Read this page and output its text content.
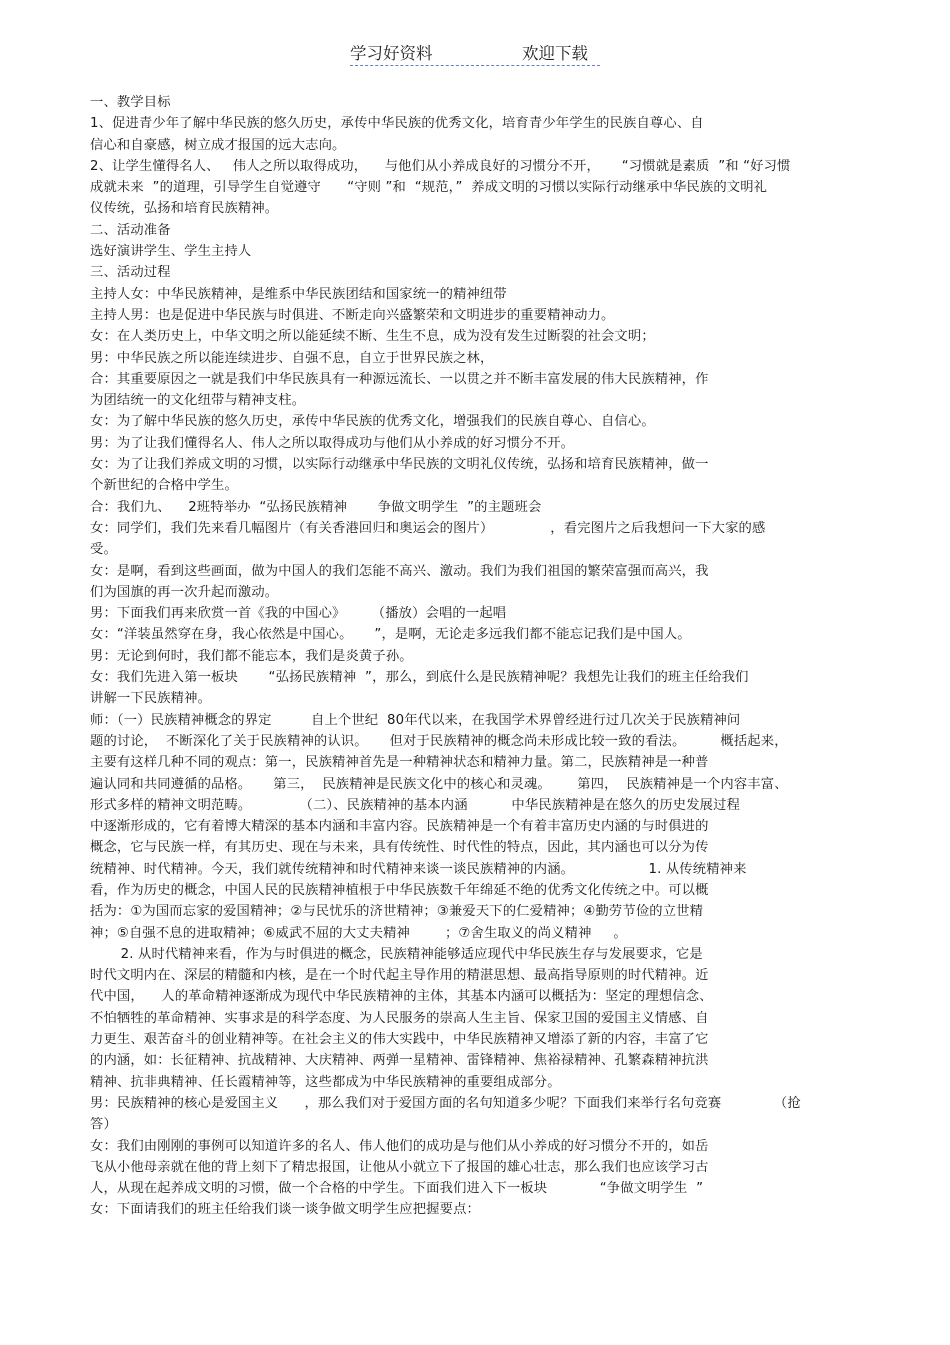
学习好资料	欢迎下载

一、教学目标

1、促进青少年了解中华民族的悠久历史，承传中华民族的优秀文化，培育青少年学生的民族自尊心、自

信心和自豪感，树立成才报国的远大志向。

2、让学生懂得名人、   伟人之所以取得成功，    与他们从小养成良好的习惯分不开，     “习惯就是素质  ”和 “好习惯

成就未来  ”的道理，引导学生自觉遵守      “守则 ”和  “规范，”  养成文明的习惯以实际行动继承中华民族的文明礼

仪传统，弘扬和培育民族精神。

二、活动准备

选好演讲学生、学生主持人

三、活动过程

主持人女：中华民族精神，是维系中华民族团结和国家统一的精神纽带

主持人男：也是促进中华民族与时俱进、不断走向兴盛繁荣和文明进步的重要精神动力。

女：在人类历史上，中华文明之所以能延续不断、生生不息，成为没有发生过断裂的社会文明；

男：中华民族之所以能连续进步、自强不息，自立于世界民族之林，

合：其重要原因之一就是我们中华民族具有一种源远流长、一以贯之并不断丰富发展的伟大民族精神，作

为团结统一的文化纽带与精神支柱。

女：为了解中华民族的悠久历史，承传中华民族的优秀文化，增强我们的民族自尊心、自信心。

男：为了让我们懂得名人、伟人之所以取得成功与他们从小养成的好习惯分不开。

女：为了让我们养成文明的习惯，以实际行动继承中华民族的文明礼仪传统，弘扬和培育民族精神，做一

个新世纪的合格中学生。

合：我们九、    2班特举办  “弘扬民族精神       争做文明学生  ”的主题班会

女：同学们，我们先来看几幅图片（有关香港回归和奥运会的图片）             ，看完图片之后我想问一下大家的感

受。

女：是啊，看到这些画面，做为中国人的我们怎能不高兴、激动。我们为我们祖国的繁荣富强而高兴，我

们为国旗的再一次升起而激动。

男：下面我们再来欣赏一首《我的中国心》      （播放）会唱的一起唱

女：“洋装虽然穿在身，我心依然是中国心。     ”，是啊，无论走多远我们都不能忘记我们是中国人。

男：无论到何时，我们都不能忘本，我们是炎黄子孙。

女：我们先进入第一板块       “弘扬民族精神  ”，那么，到底什么是民族精神呢？我想先让我们的班主任给我们

讲解一下民族精神。

师：（一）民族精神概念的界定         自上个世纪  80年代以来，在我国学术界曾经进行过几次关于民族精神问

题的讨论，  不断深化了关于民族精神的认识。     但对于民族精神的概念尚未形成比较一致的看法。        概括起来，

主要有这样几种不同的观点：第一，民族精神首先是一种精神状态和精神力量。第二，民族精神是一种普

遍认同和共同遵循的品格。     第三，  民族精神是民族文化中的核心和灵魂。      第四，  民族精神是一个内容丰富、

形式多样的精神文明范畴。           （二）、民族精神的基本内涵          中华民族精神是在悠久的历史发展过程

中逐渐形成的，它有着博大精深的基本内涵和丰富内容。民族精神是一个有着丰富历史内涵的与时俱进的

概念，它与民族一样，有其历史、现在与未来，具有传统性、时代性的特点，因此，其内涵也可以分为传

统精神、时代精神。今天，我们就传统精神和时代精神来谈一谈民族精神的内涵。                 1. 从传统精神来

看，作为历史的概念，中国人民的民族精神植根于中华民族数千年绵延不绝的优秀文化传统之中。可以概

括为：①为国而忘家的爱国精神；②与民忧乐的济世精神；③兼爱天下的仁爱精神；④勤劳节俭的立世精

神；⑤自强不息的进取精神；⑥威武不屈的大丈夫精神        ；⑦舍生取义的尚义精神     。

2. 从时代精神来看，作为与时俱进的概念，民族精神能够适应现代中华民族生存与发展要求，它是

时代文明内在、深层的精髓和内核，是在一个时代起主导作用的精湛思想、最高指导原则的时代精神。近

代中国，    人的革命精神逐渐成为现代中华民族精神的主体，其基本内涵可以概括为：坚定的理想信念、

不怕牺牲的革命精神、实事求是的科学态度、为人民服务的崇高人生主旨、保家卫国的爱国主义情感、自

力更生、艰苦奋斗的创业精神等。在社会主义的伟大实践中，中华民族精神又增添了新的内容，丰富了它

的内涵，如：长征精神、抗战精神、大庆精神、两弹一星精神、雷锋精神、焦裕禄精神、孔繁森精神抗洪

精神、抗非典精神、任长霞精神等，这些都成为中华民族精神的重要组成部分。

男：民族精神的核心是爱国主义      ，那么我们对于爱国方面的名句知道多少呢？下面我们来举行名句竞赛            （抢

答）

女：我们由刚刚的事例可以知道许多的名人、伟人他们的成功是与他们从小养成的好习惯分不开的，如岳

飞从小他母亲就在他的背上刻下了精忠报国，让他从小就立下了报国的雄心壮志，那么我们也应该学习古

人，从现在起养成文明的习惯，做一个合格的中学生。下面我们进入下一板块            “争做文明学生  ”

女：下面请我们的班主任给我们谈一谈争做文明学生应把握要点：
